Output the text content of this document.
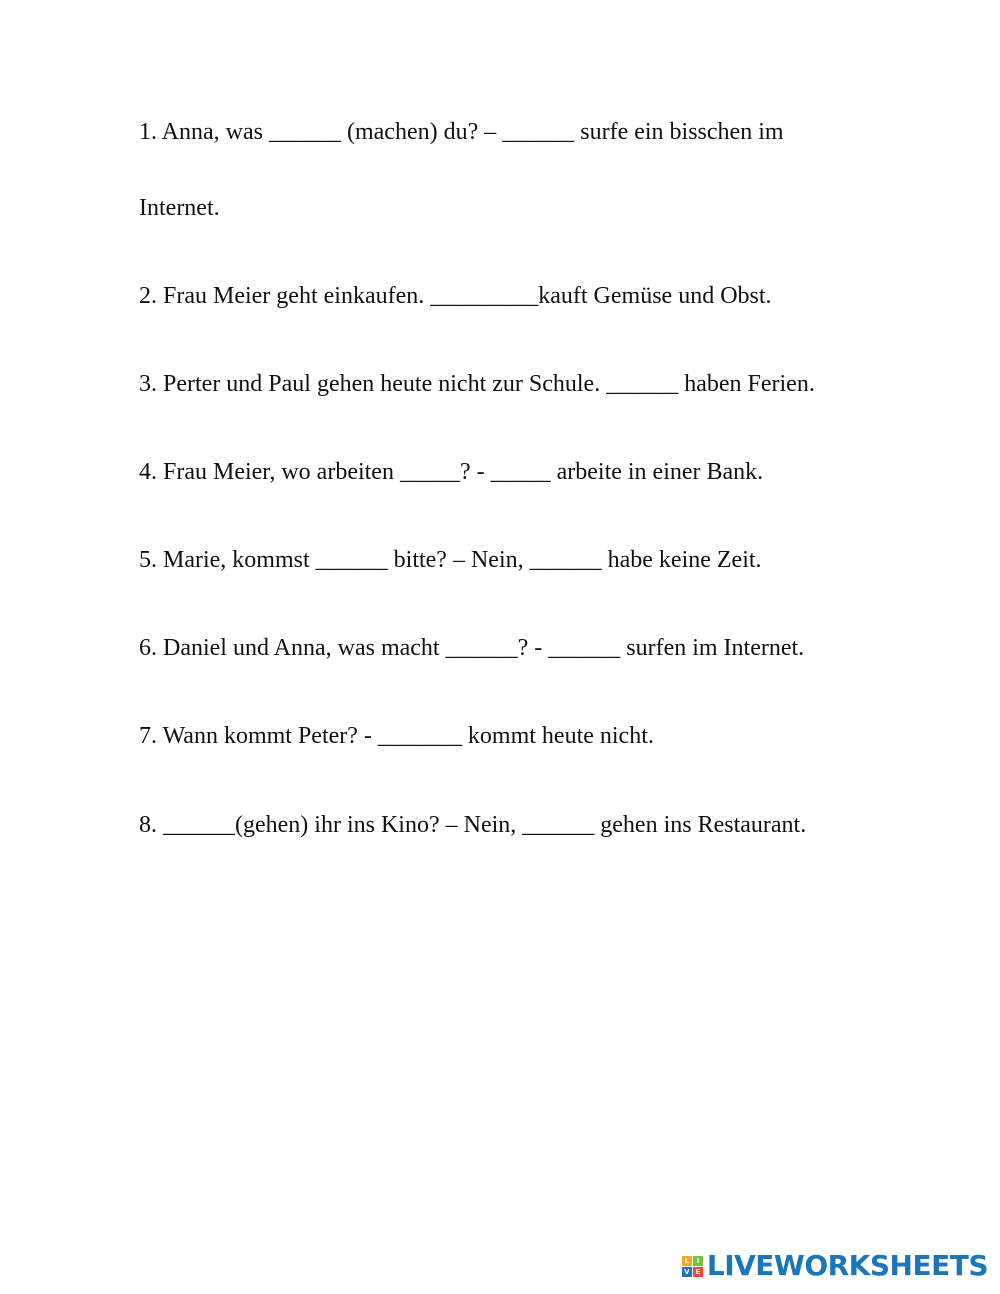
1. Anna, was ______ (machen) du? – ______ surfe ein bisschen im
Internet.
2. Frau Meier geht einkaufen. _________kauft Gemüse und Obst.
3. Perter und Paul gehen heute nicht zur Schule. ______ haben Ferien.
4. Frau Meier, wo arbeiten _____? - _____ arbeite in einer Bank.
5. Marie, kommst ______ bitte? – Nein, ______ habe keine Zeit.
6. Daniel und Anna, was macht ______? - ______ surfen im Internet.
7. Wann kommt Peter? - _______ kommt heute nicht.
8. ______(gehen) ihr ins Kino? – Nein, ______ gehen ins Restaurant.
L	I
V E LIVEWORKSHEETS
